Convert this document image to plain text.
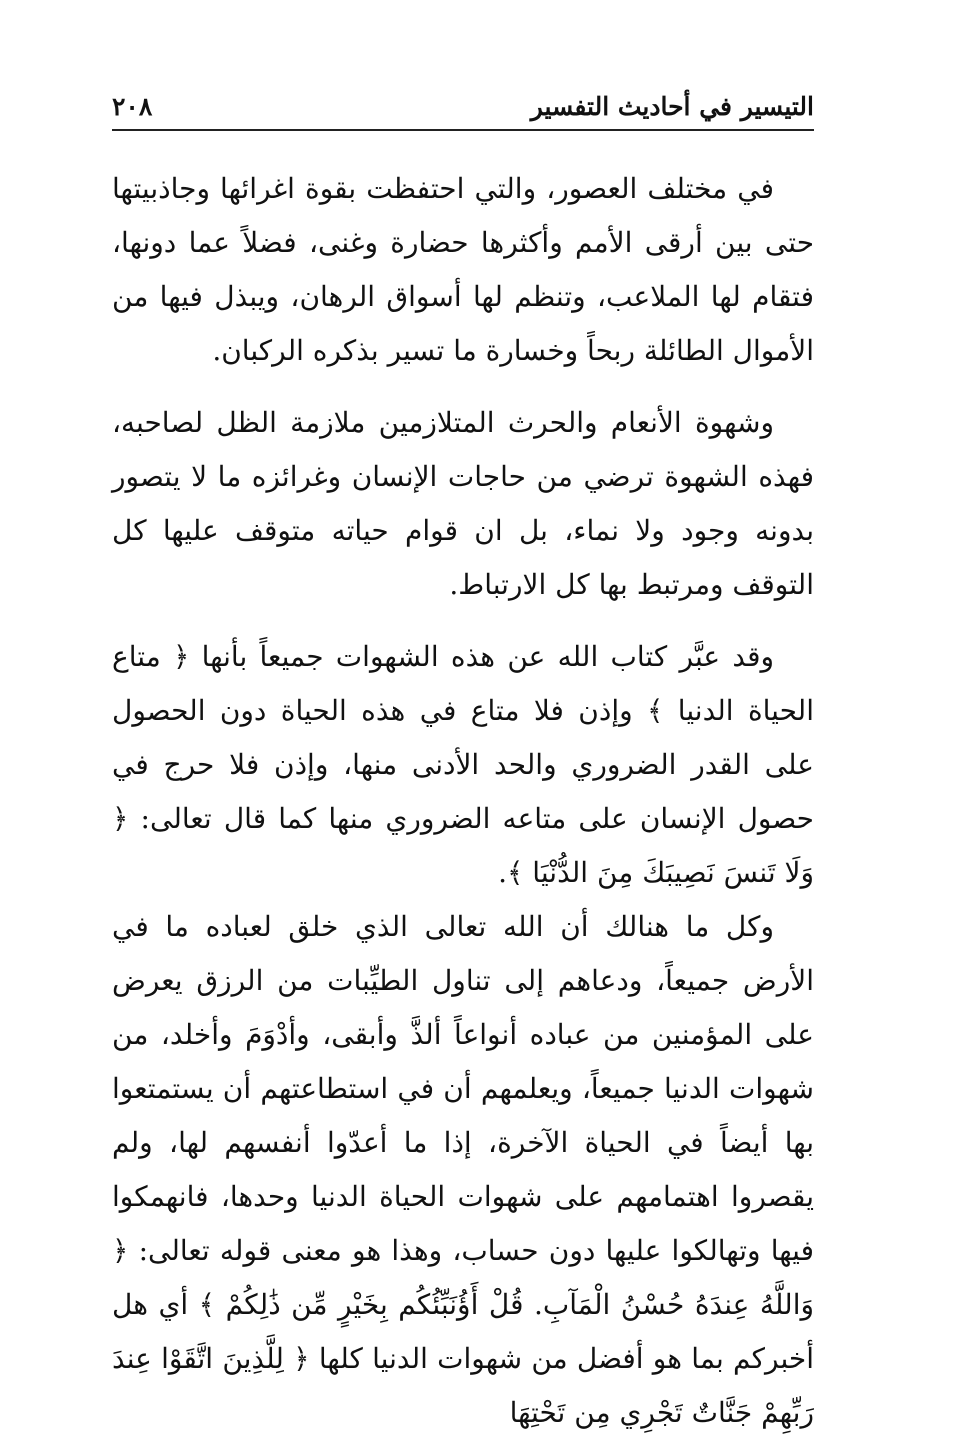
التيسير في أحاديث التفسير
٢٠٨

في مختلف العصور، والتي احتفظت بقوة اغرائها وجاذبيتها حتى بين أرقى الأمم وأكثرها حضارة وغنى، فضلاً عما دونها، فتقام لها الملاعب، وتنظم لها أسواق الرهان، ويبذل فيها من الأموال الطائلة ربحاً وخسارة ما تسير بذكره الركبان.

وشهوة الأنعام والحرث المتلازمين ملازمة الظل لصاحبه، فهذه الشهوة ترضي من حاجات الإنسان وغرائزه ما لا يتصور بدونه وجود ولا نماء، بل ان قوام حياته متوقف عليها كل التوقف ومرتبط بها كل الارتباط.

وقد عبَّر كتاب الله عن هذه الشهوات جميعاً بأنها ﴿ متاع الحياة الدنيا ﴾ وإذن فلا متاع في هذه الحياة دون الحصول على القدر الضروري والحد الأدنى منها، وإذن فلا حرج في حصول الإنسان على متاعه الضروري منها كما قال تعالى: ﴿ وَلَا تَنسَ نَصِيبَكَ مِنَ الدُّنْيَا ﴾.

وكل ما هنالك أن الله تعالى الذي خلق لعباده ما في الأرض جميعاً، ودعاهم إلى تناول الطيِّبات من الرزق يعرض على المؤمنين من عباده أنواعاً ألذَّ وأبقى، وأدْوَمَ وأخلد، من شهوات الدنيا جميعاً، ويعلمهم أن في استطاعتهم أن يستمتعوا بها أيضاً في الحياة الآخرة، إذا ما أعدّوا أنفسهم لها، ولم يقصروا اهتمامهم على شهوات الحياة الدنيا وحدها، فانهمكوا فيها وتهالكوا عليها دون حساب، وهذا هو معنى قوله تعالى: ﴿ وَاللَّهُ عِندَهُ حُسْنُ الْمَآبِ. قُلْ أَؤُنَبِّئُكُم بِخَيْرٍ مِّن ذَٰلِكُمْ ﴾ أي هل أخبركم بما هو أفضل من شهوات الدنيا كلها ﴿ لِلَّذِينَ اتَّقَوْا عِندَ رَبِّهِمْ جَنَّاتٌ تَجْرِي مِن تَحْتِهَا
